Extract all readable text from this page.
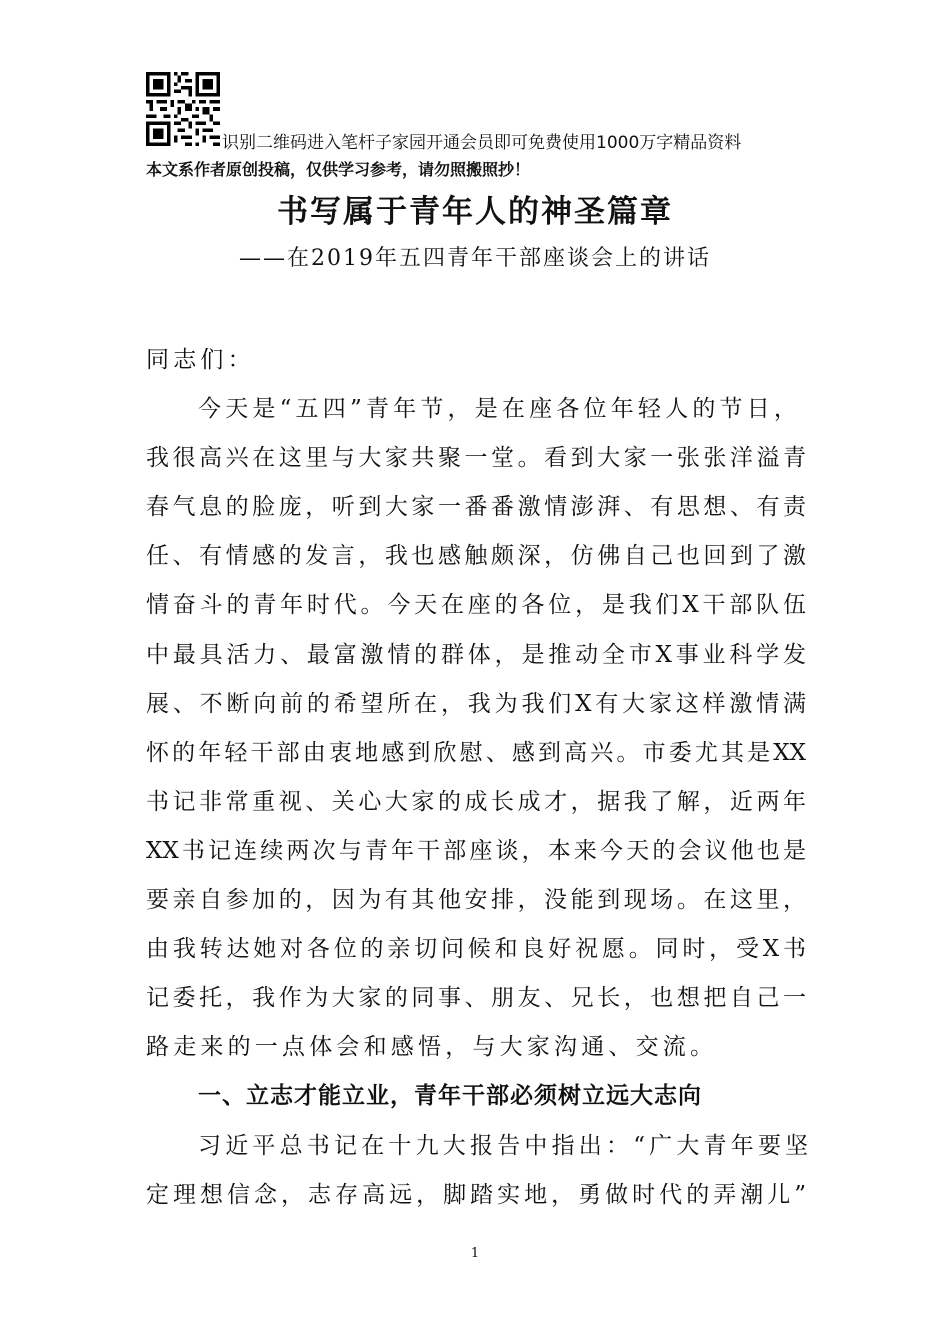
识别二维码进入笔杆子家园开通会员即可免费使用1000万字精品资料
本文系作者原创投稿，仅供学习参考，请勿照搬照抄！
书写属于青年人的神圣篇章
——在2019年五四青年干部座谈会上的讲话
同志们：
今天是“五四”青年节，是在座各位年轻人的节日，
我很高兴在这里与大家共聚一堂。看到大家一张张洋溢青
春气息的脸庞，听到大家一番番激情澎湃、有思想、有责
任、有情感的发言，我也感触颇深，仿佛自己也回到了激
情奋斗的青年时代。今天在座的各位，是我们X干部队伍
中最具活力、最富激情的群体，是推动全市X事业科学发
展、不断向前的希望所在，我为我们X有大家这样激情满
怀的年轻干部由衷地感到欣慰、感到高兴。市委尤其是XX
书记非常重视、关心大家的成长成才，据我了解，近两年
XX书记连续两次与青年干部座谈，本来今天的会议他也是
要亲自参加的，因为有其他安排，没能到现场。在这里，
由我转达她对各位的亲切问候和良好祝愿。同时，受X书
记委托，我作为大家的同事、朋友、兄长，也想把自己一
路走来的一点体会和感悟，与大家沟通、交流。
一、立志才能立业，青年干部必须树立远大志向
习近平总书记在十九大报告中指出：“广大青年要坚
定理想信念，志存高远，脚踏实地，勇做时代的弄潮儿”
1
